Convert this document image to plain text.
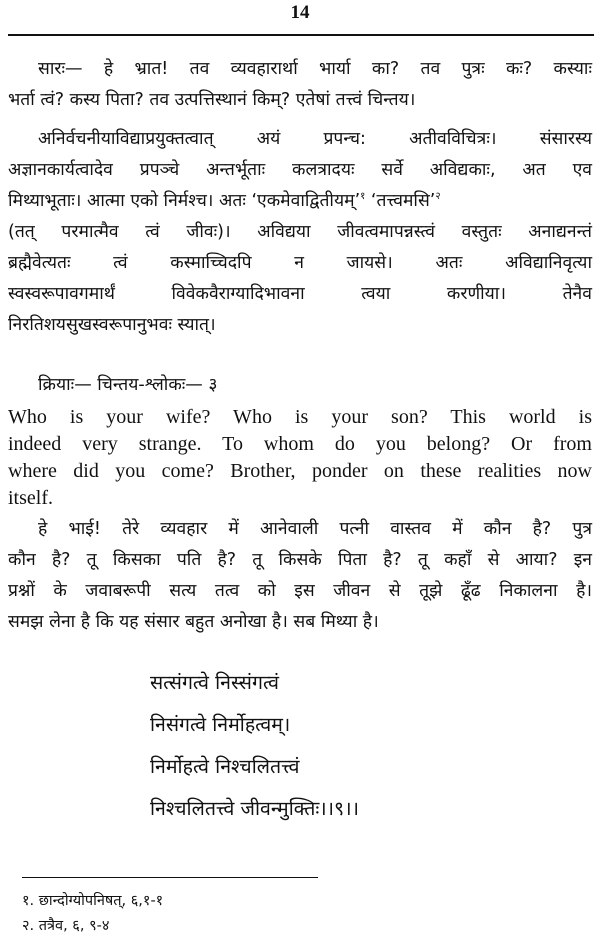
14
सारः— हे भ्रात! तव व्यवहारार्था भार्या का? तव पुत्रः कः? कस्याः
भर्ता त्वं? कस्य पिता? तव उत्पत्तिस्थानं किम्? एतेषां तत्त्वं चिन्तय।
अनिर्वचनीयाविद्याप्रयुक्तत्वात् अयं प्रपन्च: अतीवविचित्रः। संसारस्य
अज्ञानकार्यत्वादेव प्रपञ्चे अन्तर्भूताः कलत्रादयः सर्वे अविद्यकाः, अत एव
मिथ्याभूताः। आत्मा एको निर्मश्च। अतः ‘एकमेवाद्वितीयम्’$^१$ ‘तत्त्वमसि’$^२$
(तत् परमात्मैव त्वं जीवः)। अविद्यया जीवत्वमापन्नस्त्वं वस्तुतः अनाद्यनन्तं
ब्रह्मैवेत्यतः त्वं कस्माच्चिदपि न जायसे। अतः अविद्यानिवृत्या
स्वस्वरूपावगमार्थं विवेकवैराग्यादिभावना त्वया करणीया। तेनैव
निरतिशयसुखस्वरूपानुभवः स्यात्।
क्रियाः— चिन्तय-श्लोकः— ३
Who is your wife? Who is your son? This world is
indeed very strange. To whom do you belong? Or from
where did you come? Brother, ponder on these realities now
itself.
हे भाई! तेरे व्यवहार में आनेवाली पत्नी वास्तव में कौन है? पुत्र
कौन है? तू किसका पति है? तू किसके पिता है? तू कहाँ से आया? इन
प्रश्नों के जवाबरूपी सत्य तत्व को इस जीवन से तूझे ढूँढ निकालना है।
समझ लेना है कि यह संसार बहुत अनोखा है। सब मिथ्या है।
सत्संगत्वे निस्संगत्वं
निसंगत्वे निर्मोहत्वम्।
निर्मोहत्वे निश्चलितत्त्वं
निश्चलितत्त्वे जीवन्मुक्तिः।।९।।
१. छान्दोग्योपनिषत्, ६,१-१
२. तत्रैव, ६, ९-४
